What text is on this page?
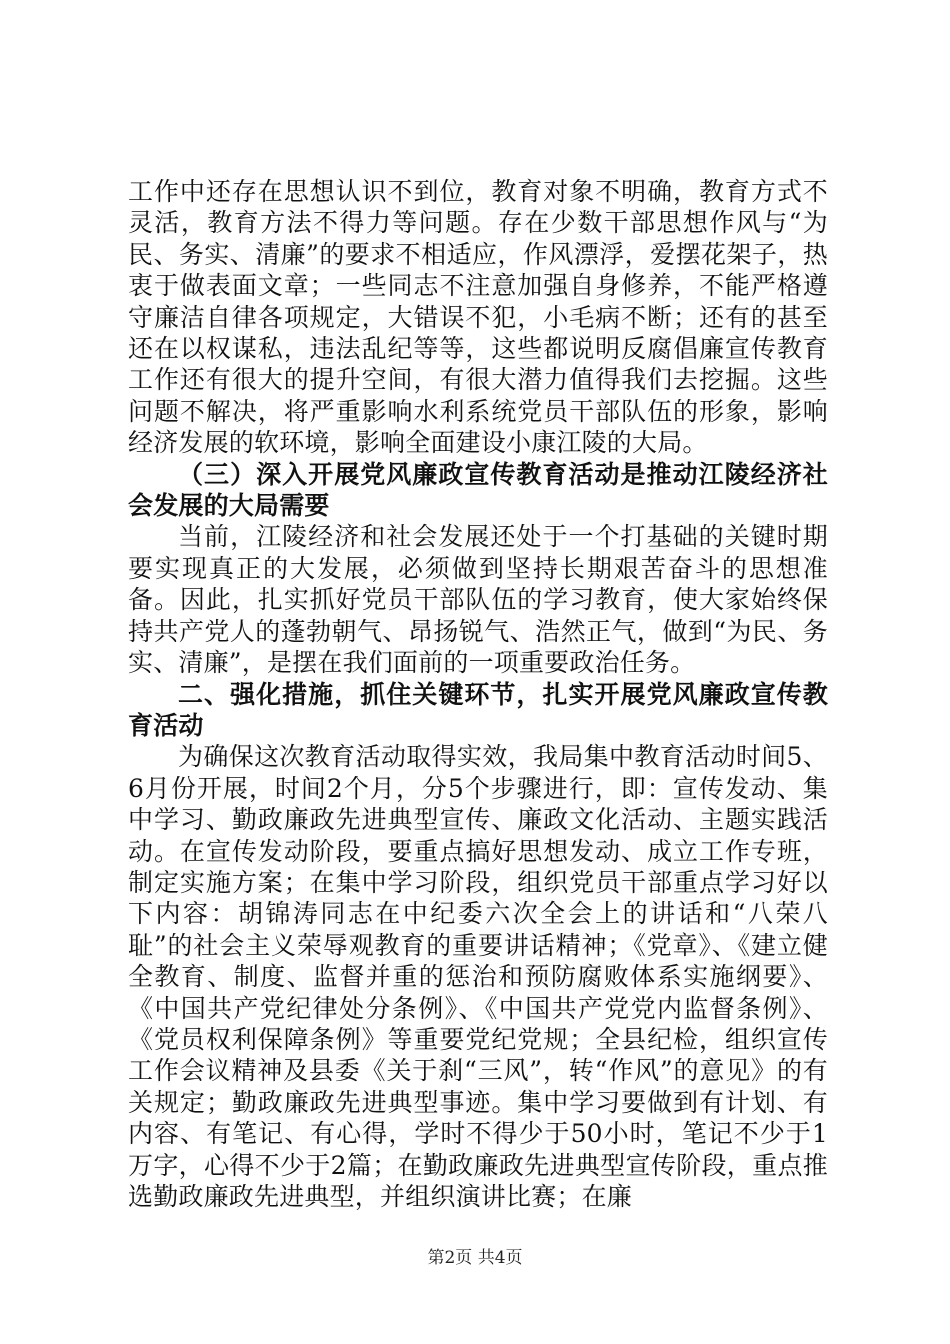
工作中还存在思想认识不到位，教育对象不明确，教育方式不灵活，教育方法不得力等问题。存在少数干部思想作风与“为民、务实、清廉”的要求不相适应，作风漂浮，爱摆花架子，热衷于做表面文章；一些同志不注意加强自身修养，不能严格遵守廉洁自律各项规定，大错误不犯，小毛病不断；还有的甚至还在以权谋私，违法乱纪等等，这些都说明反腐倡廉宣传教育工作还有很大的提升空间，有很大潜力值得我们去挖掘。这些问题不解决，将严重影响水利系统党员干部队伍的形象，影响经济发展的软环境，影响全面建设小康江陵的大局。

（三）深入开展党风廉政宣传教育活动是推动江陵经济社会发展的大局需要

当前，江陵经济和社会发展还处于一个打基础的关键时期要实现真正的大发展，必须做到坚持长期艰苦奋斗的思想准备。因此，扎实抓好党员干部队伍的学习教育，使大家始终保持共产党人的蓬勃朝气、昂扬锐气、浩然正气，做到“为民、务实、清廉”，是摆在我们面前的一项重要政治任务。

二、强化措施，抓住关键环节，扎实开展党风廉政宣传教育活动

为确保这次教育活动取得实效，我局集中教育活动时间5、6月份开展，时间2个月，分5个步骤进行，即：宣传发动、集中学习、勤政廉政先进典型宣传、廉政文化活动、主题实践活动。在宣传发动阶段，要重点搞好思想发动、成立工作专班，制定实施方案；在集中学习阶段，组织党员干部重点学习好以下内容：胡锦涛同志在中纪委六次全会上的讲话和“八荣八耻”的社会主义荣辱观教育的重要讲话精神；《党章》、《建立健全教育、制度、监督并重的惩治和预防腐败体系实施纲要》、《中国共产党纪律处分条例》、《中国共产党党内监督条例》、《党员权利保障条例》等重要党纪党规；全县纪检，组织宣传工作会议精神及县委《关于刹“三风”，转“作风”的意见》的有关规定；勤政廉政先进典型事迹。集中学习要做到有计划、有内容、有笔记、有心得，学时不得少于50小时，笔记不少于1万字，心得不少于2篇；在勤政廉政先进典型宣传阶段，重点推选勤政廉政先进典型，并组织演讲比赛；在廉

第2页 共4页
